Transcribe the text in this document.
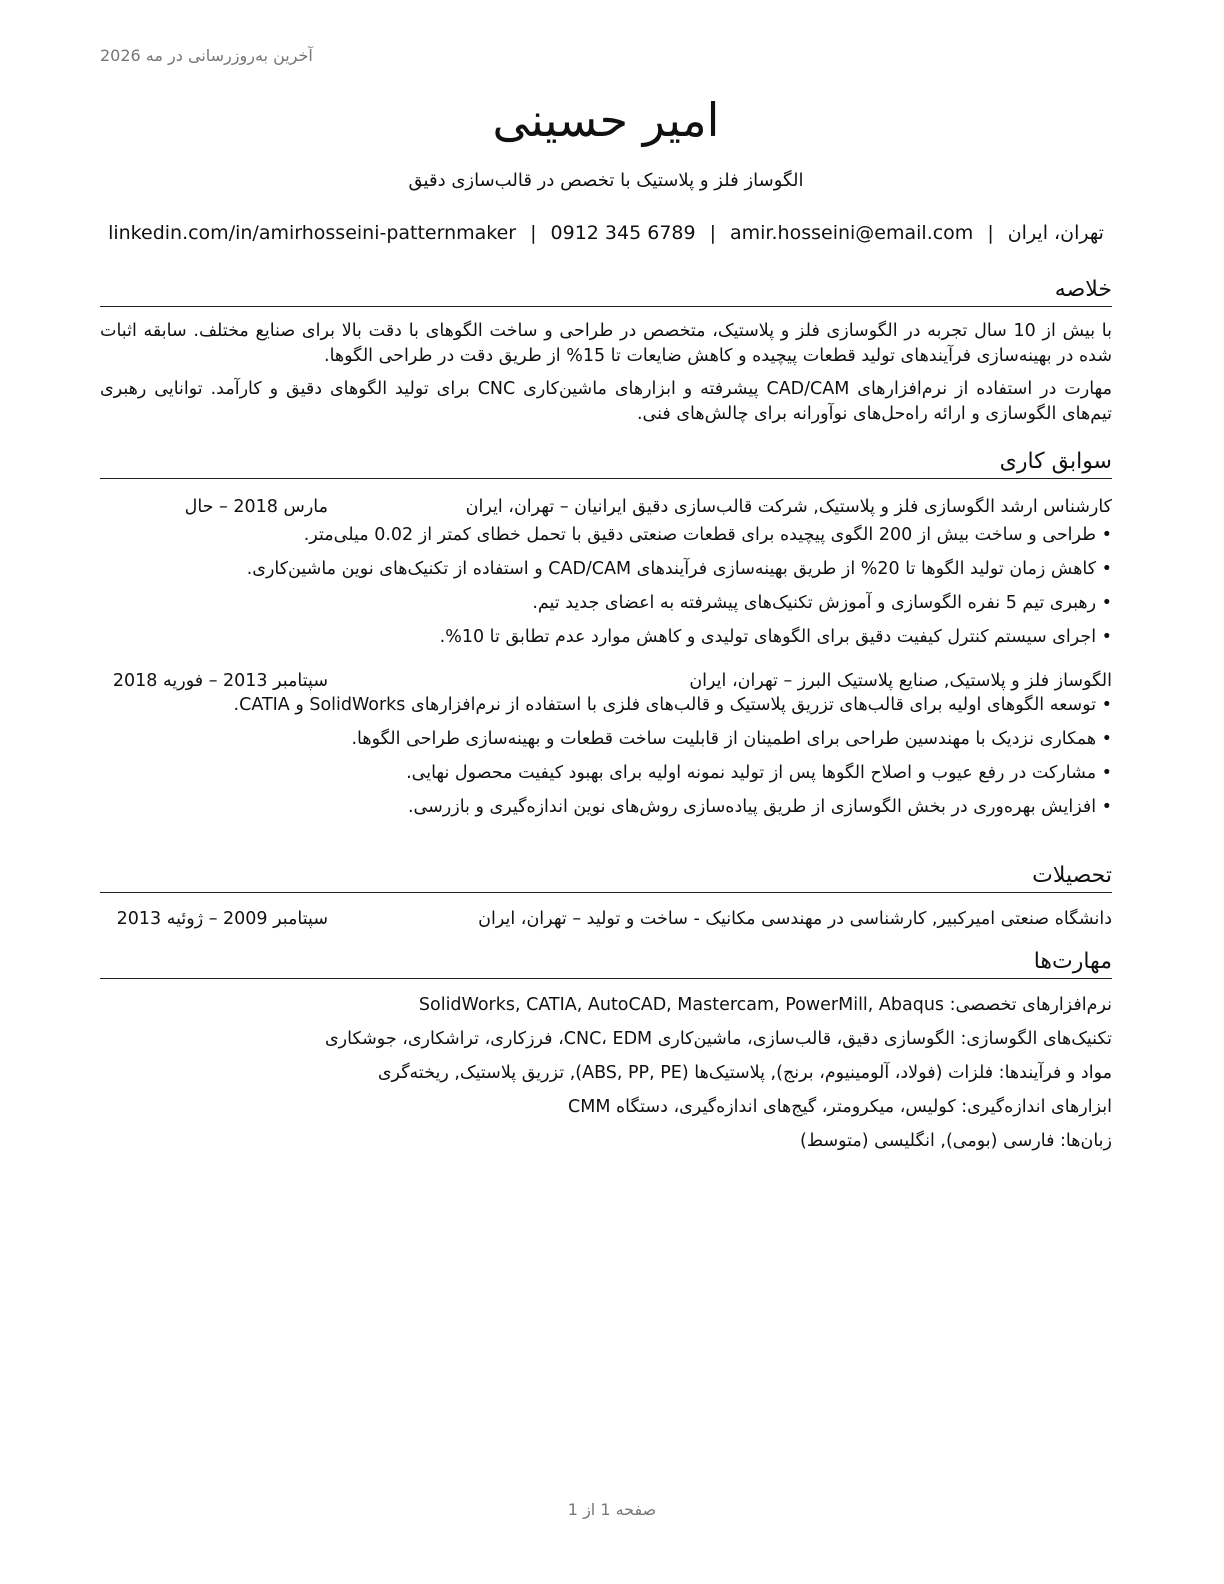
آخرین به‌روزرسانی در مه 2026
امیر حسینی
الگوساز فلز و پلاستیک با تخصص در قالب‌سازی دقیق
تهران، ایران
|
amir.hosseini@email.com
|
0912 345 6789
|
linkedin.com/in/amirhosseini-patternmaker
خلاصه

با بیش از 10 سال تجربه در الگوسازی فلز و پلاستیک، متخصص در طراحی و ساخت الگوهای با دقت بالا برای صنایع مختلف. سابقه اثبات شده در بهینه‌سازی فرآیندهای تولید قطعات پیچیده و کاهش ضایعات تا 15% از طریق دقت در طراحی الگوها.

مهارت در استفاده از نرم‌افزارهای CAD/CAM پیشرفته و ابزارهای ماشین‌کاری CNC برای تولید الگوهای دقیق و کارآمد. توانایی رهبری تیم‌های الگوسازی و ارائه راه‌حل‌های نوآورانه برای چالش‌های فنی.

سوابق کاری
کارشناس ارشد الگوسازی فلز و پلاستیک, شرکت قالب‌سازی دقیق ایرانیان – تهران، ایران
مارس 2018 – حال
• طراحی و ساخت بیش از 200 الگوی پیچیده برای قطعات صنعتی دقیق با تحمل خطای کمتر از 0.02 میلی‌متر.
• کاهش زمان تولید الگوها تا 20% از طریق بهینه‌سازی فرآیندهای CAD/CAM و استفاده از تکنیک‌های نوین ماشین‌کاری.
• رهبری تیم 5 نفره الگوسازی و آموزش تکنیک‌های پیشرفته به اعضای جدید تیم.
• اجرای سیستم کنترل کیفیت دقیق برای الگوهای تولیدی و کاهش موارد عدم تطابق تا 10%.
الگوساز فلز و پلاستیک, صنایع پلاستیک البرز – تهران، ایران
سپتامبر 2013 – فوریه 2018
• توسعه الگوهای اولیه برای قالب‌های تزریق پلاستیک و قالب‌های فلزی با استفاده از نرم‌افزارهای SolidWorks و CATIA.
• همکاری نزدیک با مهندسین طراحی برای اطمینان از قابلیت ساخت قطعات و بهینه‌سازی طراحی الگوها.
• مشارکت در رفع عیوب و اصلاح الگوها پس از تولید نمونه اولیه برای بهبود کیفیت محصول نهایی.
• افزایش بهره‌وری در بخش الگوسازی از طریق پیاده‌سازی روش‌های نوین اندازه‌گیری و بازرسی.
تحصیلات
دانشگاه صنعتی امیرکبیر, کارشناسی در مهندسی مکانیک - ساخت و تولید – تهران، ایران
سپتامبر 2009 – ژوئیه 2013
مهارت‌ها
نرم‌افزارهای تخصصی: SolidWorks, CATIA, AutoCAD, Mastercam, PowerMill, Abaqus
تکنیک‌های الگوسازی: الگوسازی دقیق، قالب‌سازی، ماشین‌کاری CNC، EDM، فرزکاری، تراشکاری، جوشکاری
مواد و فرآیندها: فلزات (فولاد، آلومینیوم، برنج), پلاستیک‌ها (ABS, PP, PE), تزریق پلاستیک, ریخته‌گری
ابزارهای اندازه‌گیری: کولیس، میکرومتر، گیج‌های اندازه‌گیری، دستگاه CMM
زبان‌ها: فارسی (بومی), انگلیسی (متوسط)
صفحه 1 از 1
